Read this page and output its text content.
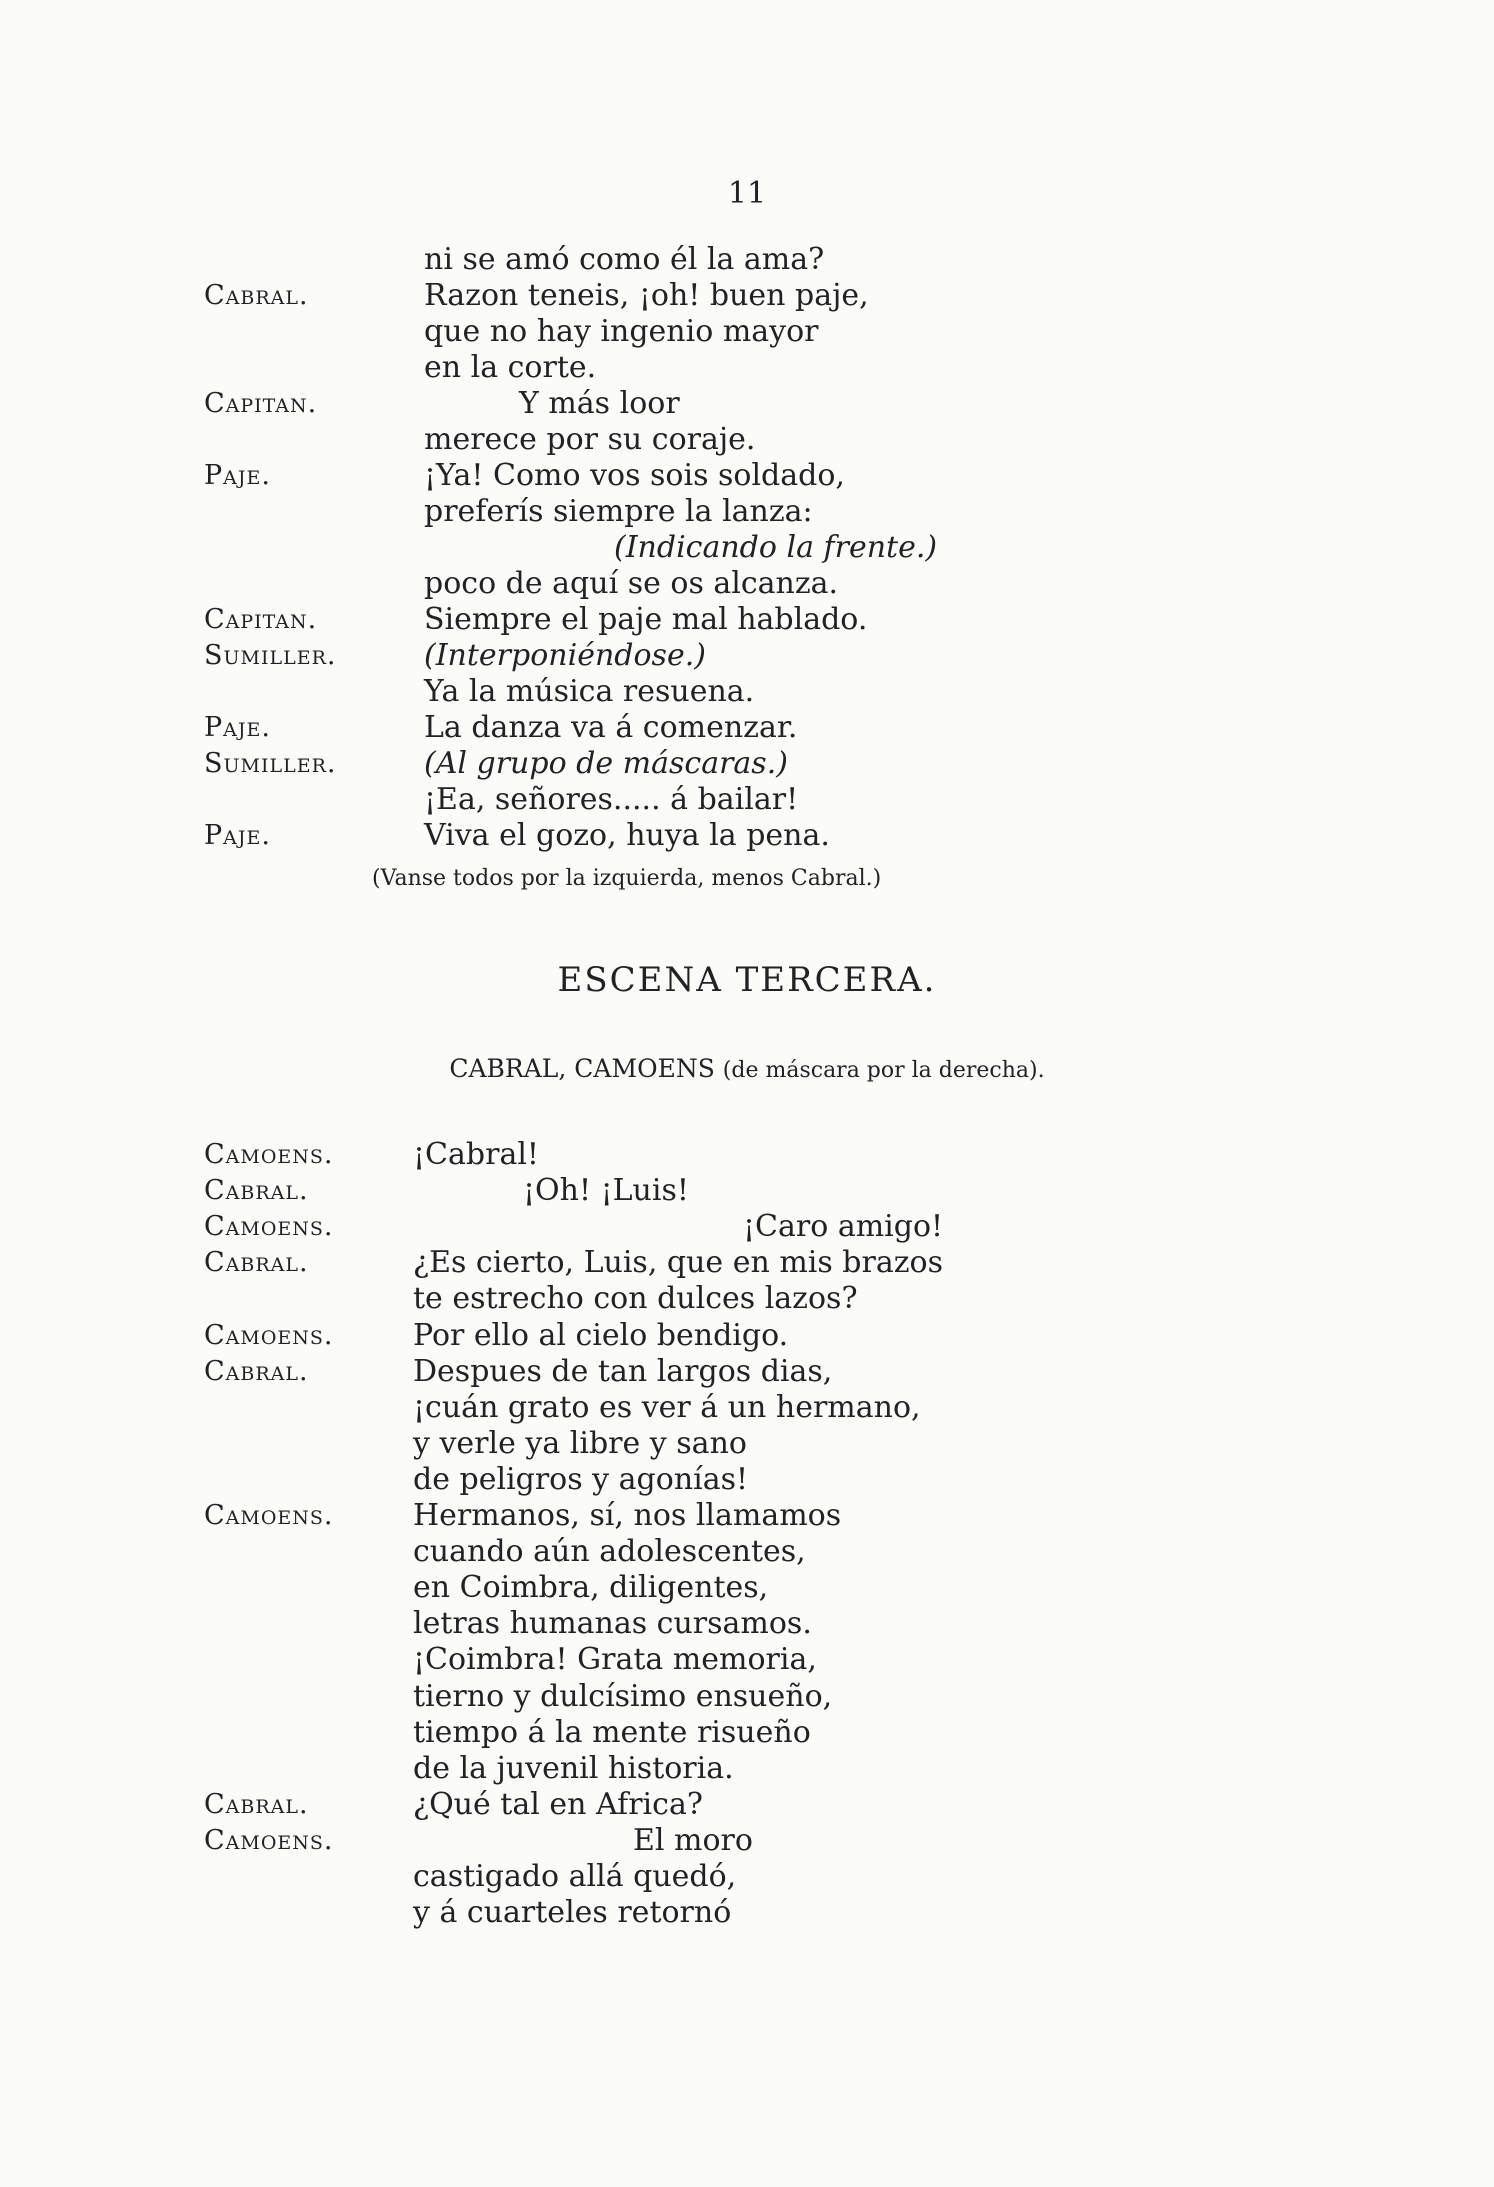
11
ni se amó como él la ama?
Cabral.	Razon teneis, ¡oh! buen paje,
que no hay ingenio mayor
en la corte.
Capitan.	Y más loor
merece por su coraje.
Paje.	¡Ya! Como vos sois soldado,
preferís siempre la lanza:
(Indicando la frente.)
poco de aquí se os alcanza.
Capitan.	Siempre el paje mal hablado.
Sumiller.	(Interponiéndose.)
Ya la música resuena.
Paje.	La danza va á comenzar.
Sumiller.	(Al grupo de máscaras.)
¡Ea, señores..... á bailar!
Paje.	Viva el gozo, huya la pena.
(Vanse todos por la izquierda, menos Cabral.)
ESCENA TERCERA.
CABRAL, CAMOENS (de máscara por la derecha).
Camoens.	¡Cabral!
Cabral.	¡Oh! ¡Luis!
Camoens.	¡Caro amigo!
Cabral.	¿Es cierto, Luis, que en mis brazos
te estrecho con dulces lazos?
Camoens.	Por ello al cielo bendigo.
Cabral.	Despues de tan largos dias,
¡cuán grato es ver á un hermano,
y verle ya libre y sano
de peligros y agonías!
Camoens.	Hermanos, sí, nos llamamos
cuando aún adolescentes,
en Coimbra, diligentes,
letras humanas cursamos.
¡Coimbra! Grata memoria,
tierno y dulcísimo ensueño,
tiempo á la mente risueño
de la juvenil historia.
Cabral.	¿Qué tal en Africa?
Camoens.	El moro
castigado allá quedó,
y á cuarteles retornó
